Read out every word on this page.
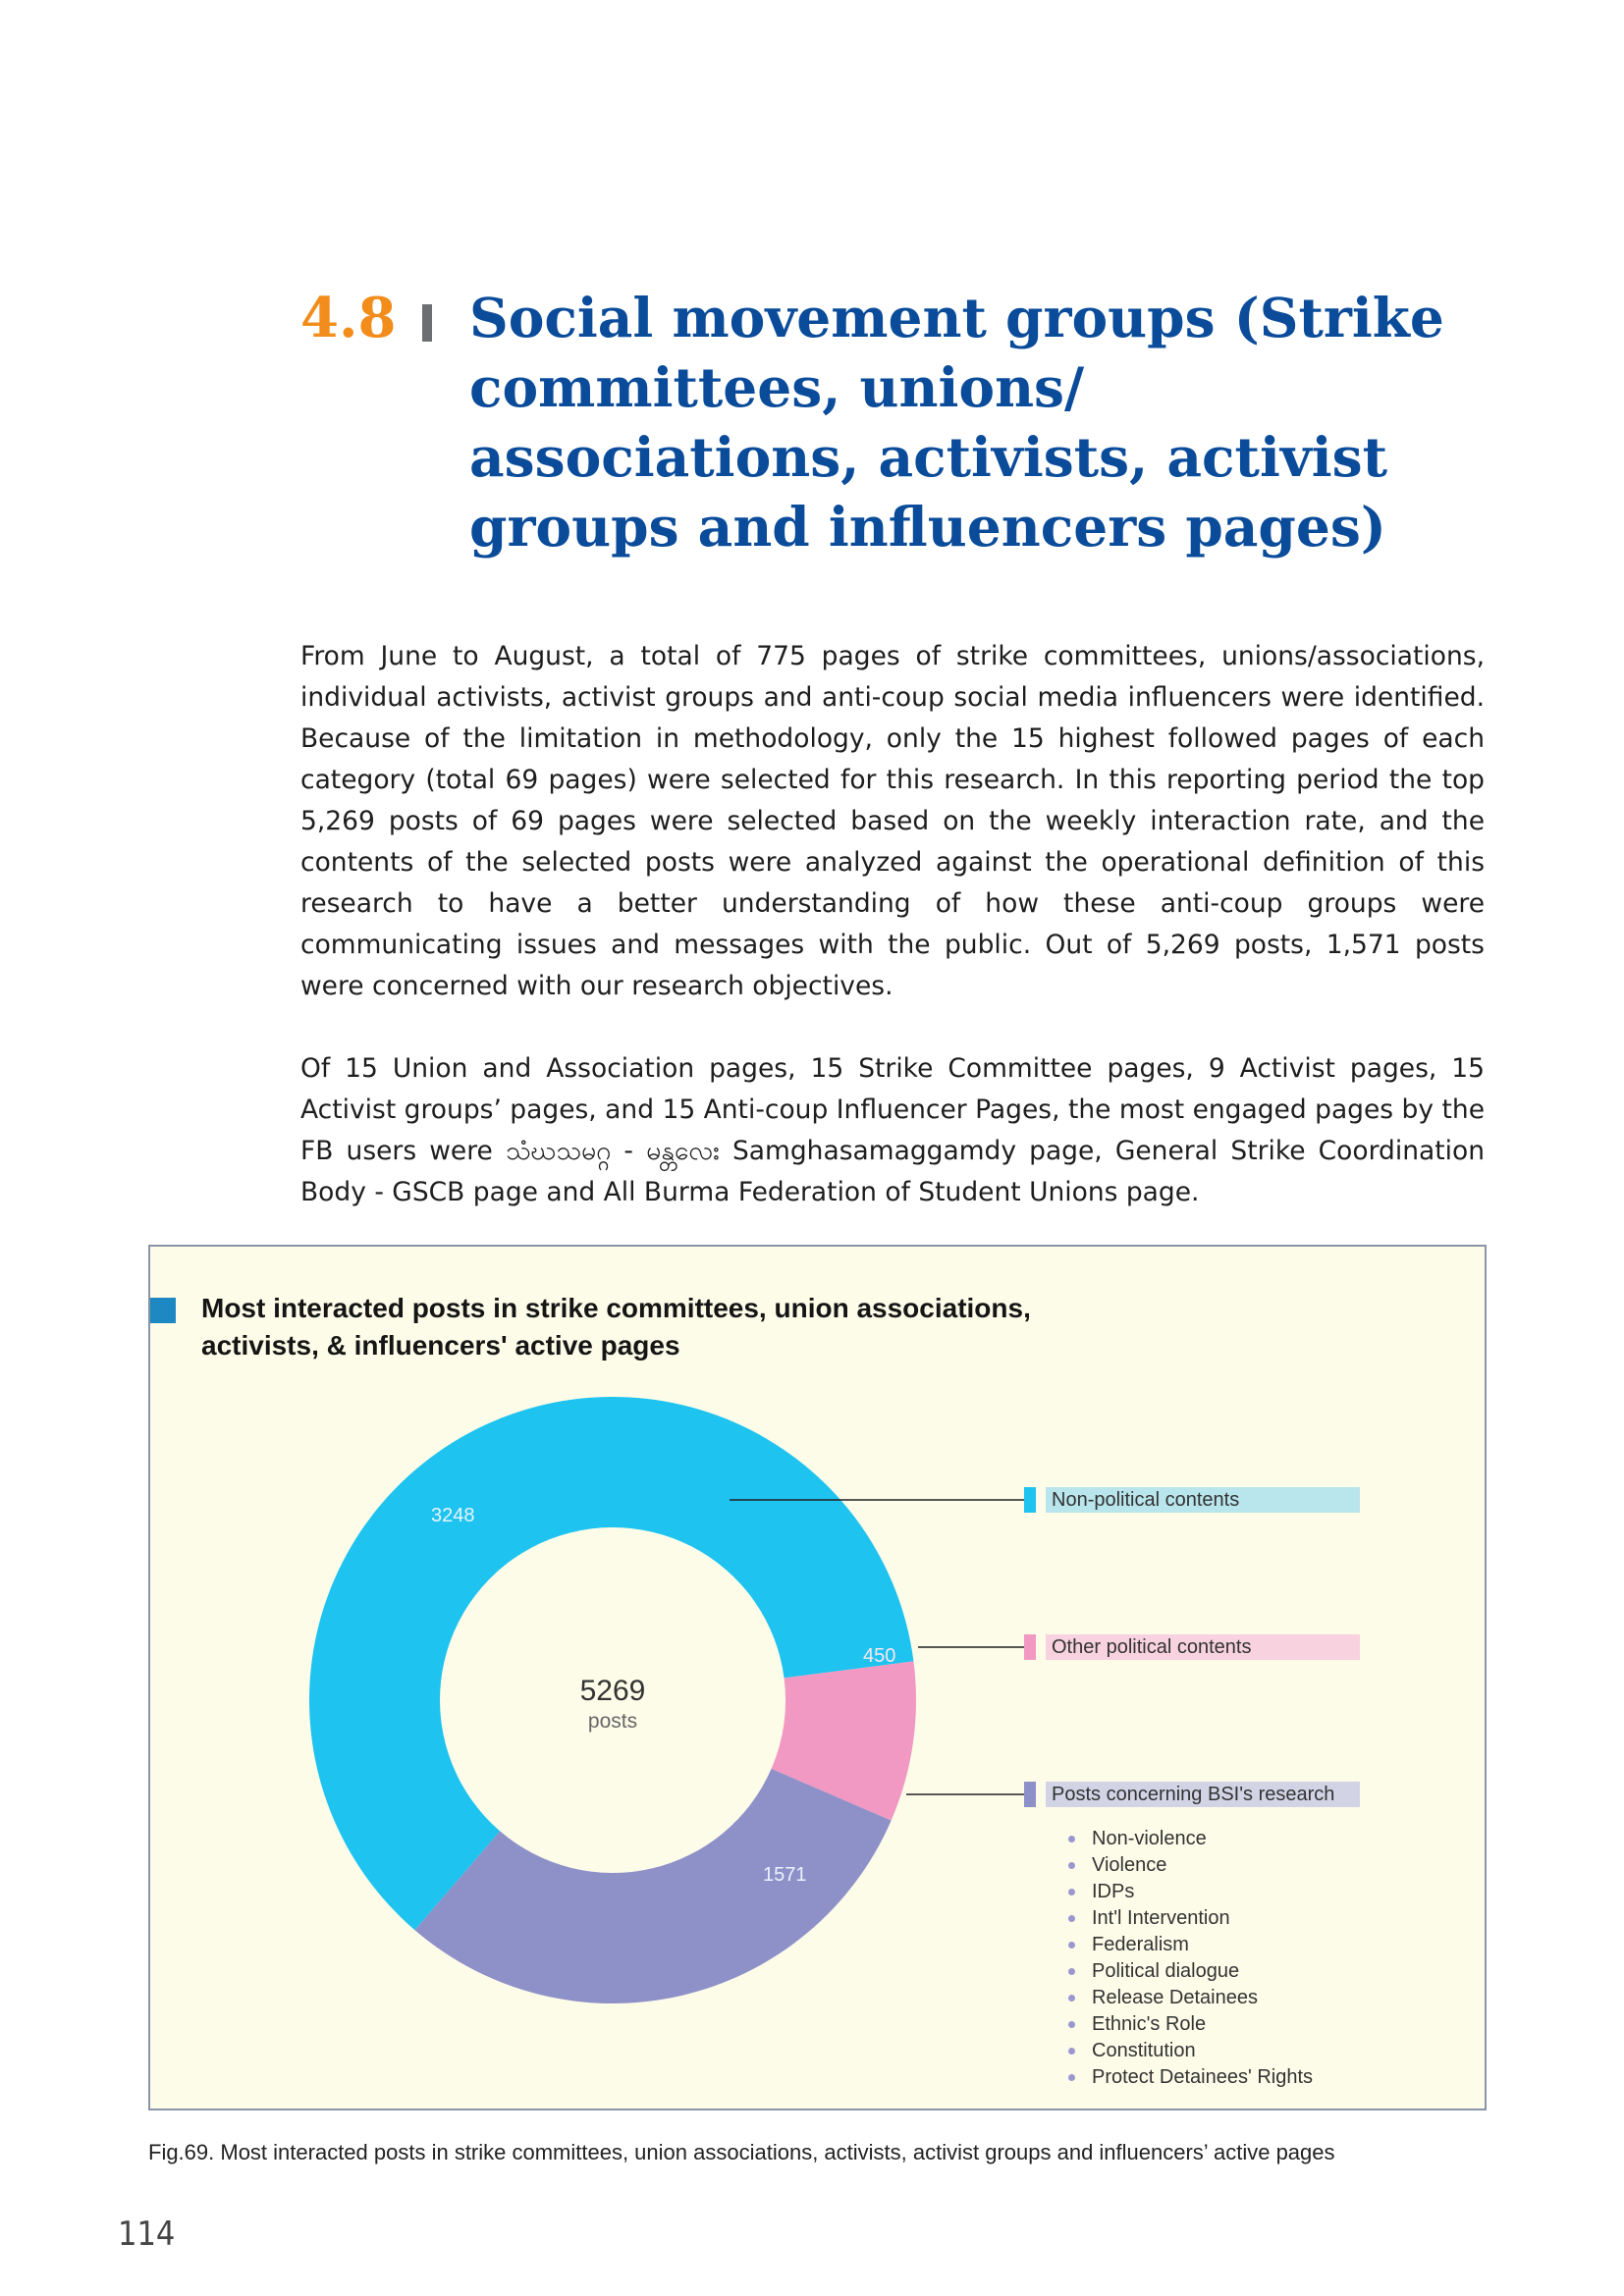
4.8 Social movement groups (Strike committees, unions/ associations, activists, activist groups and influencers pages)

From June to August, a total of 775 pages of strike committees, unions/associations, individual activists, activist groups and anti-coup social media influencers were identified. Because of the limitation in methodology, only the 15 highest followed pages of each category (total 69 pages) were selected for this research. In this reporting period the top 5,269 posts of 69 pages were selected based on the weekly interaction rate, and the contents of the selected posts were analyzed against the operational definition of this research to have a better understanding of how these anti-coup groups were communicating issues and messages with the public. Out of 5,269 posts, 1,571 posts were concerned with our research objectives.

Of 15 Union and Association pages, 15 Strike Committee pages, 9 Activist pages, 15 Activist groups’ pages, and 15 Anti-coup Influencer Pages, the most engaged pages by the FB users were သံဃသမဂ္ဂ - မန္တလေး Samghasamaggamdy page, General Strike Coordination Body - GSCB page and All Burma Federation of Student Unions page.

Most interacted posts in strike committees, union associations, activists, & influencers' active pages
3248
450
1571
5269
posts
Non-political contents
Other political contents
Posts concerning BSI's research
Non-violence
Violence
IDPs
Int'l Intervention
Federalism
Political dialogue
Release Detainees
Ethnic's Role
Constitution
Protect Detainees' Rights

Fig.69. Most interacted posts in strike committees, union associations, activists, activist groups and influencers’ active pages

114
